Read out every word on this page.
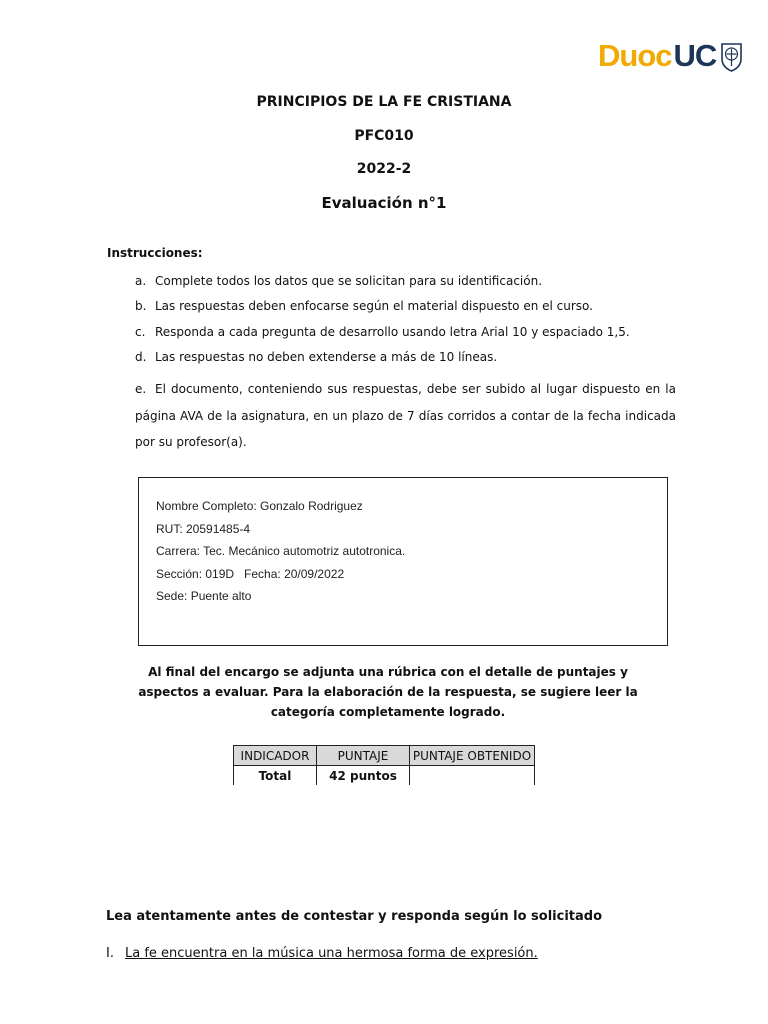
Duoc UC
PRINCIPIOS DE LA FE CRISTIANA
PFC010
2022-2
Evaluación n°1
Instrucciones:
a. Complete todos los datos que se solicitan para su identificación.
b. Las respuestas deben enfocarse según el material dispuesto en el curso.
c. Responda a cada pregunta de desarrollo usando letra Arial 10 y espaciado 1,5.
d. Las respuestas no deben extenderse a más de 10 líneas.
e. El documento, conteniendo sus respuestas, debe ser subido al lugar dispuesto en la página AVA de la asignatura, en un plazo de 7 días corridos a contar de la fecha indicada por su profesor(a).
Nombre Completo: Gonzalo Rodriguez
RUT: 20591485-4
Carrera: Tec. Mecánico automotriz autotronica.
Sección: 019D   Fecha: 20/09/2022
Sede: Puente alto
Al final del encargo se adjunta una rúbrica con el detalle de puntajes y aspectos a evaluar. Para la elaboración de la respuesta, se sugiere leer la categoría completamente logrado.
INDICADOR	PUNTAJE	PUNTAJE OBTENIDO
Total	42 puntos	
Lea atentamente antes de contestar y responda según lo solicitado
I. La fe encuentra en la música una hermosa forma de expresión.
